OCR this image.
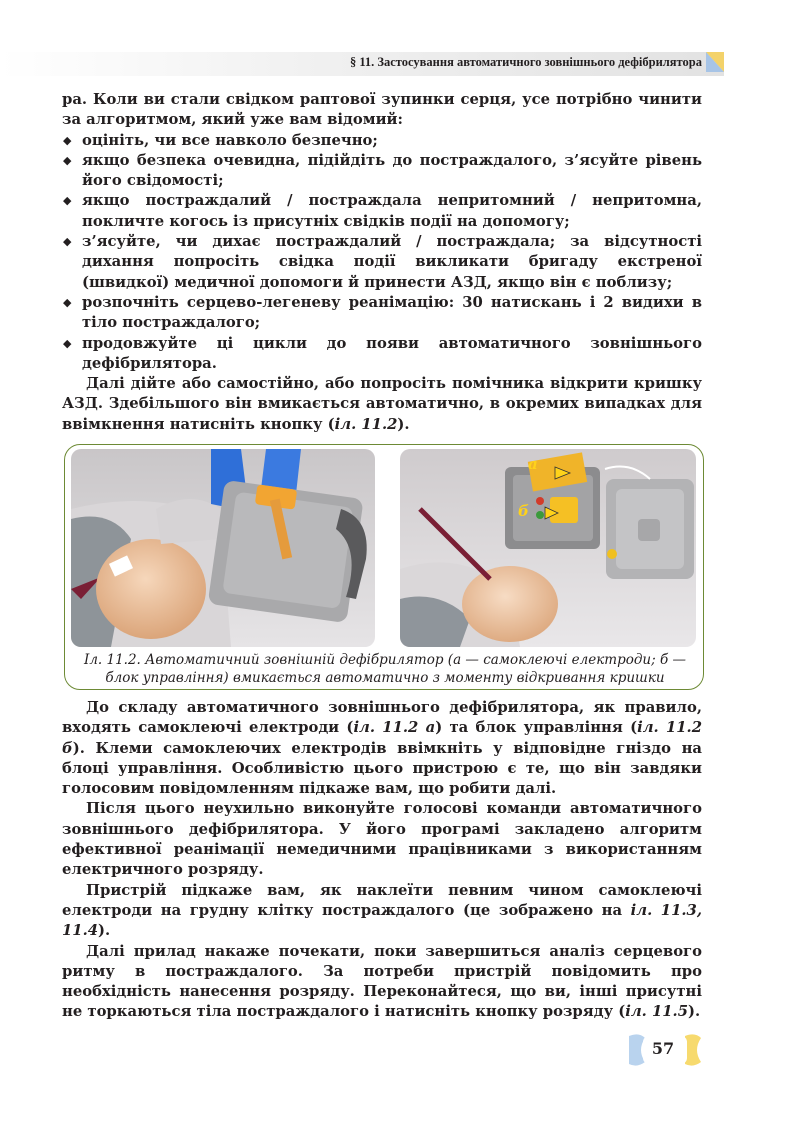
§ 11. Застосування автоматичного зовнішнього дефібрилятора

ра. Коли ви стали свідком раптової зупинки серця, усе потрібно чинити за алгоритмом, який уже вам відомий:

◆ оцініть, чи все навколо безпечно;
◆ якщо безпека очевидна, підійдіть до постраждалого, з’ясуйте рівень його свідомості;
◆ якщо постраждалий / постраждала непритомний / непритомна, покличте когось із присутніх свідків події на допомогу;
◆ з’ясуйте, чи дихає постраждалий / постраждала; за відсутності дихання попросіть свідка події викликати бригаду екстреної (швидкої) медичної допомоги й принести АЗД, якщо він є поблизу;
◆ розпочніть серцево-легеневу реанімацію: 30 натискань і 2 видихи в тіло постраждалого;
◆ продовжуйте ці цикли до появи автоматичного зовнішнього дефібрилятора.

Далі дійте або самостійно, або попросіть помічника відкрити кришку АЗД. Здебільшого він вмикається автоматично, в окремих випадках для ввімкнення натисніть кнопку (іл. 11.2).

а
б
Іл. 11.2. Автоматичний зовнішній дефібрилятор (а — самоклеючі електроди; б — блок управління) вмикається автоматично з моменту відкривання кришки

До складу автоматичного зовнішнього дефібрилятора, як правило, входять самоклеючі електроди (іл. 11.2 а) та блок управління (іл. 11.2 б). Клеми самоклеючих електродів ввімкніть у відповідне гніздо на блоці управління. Особливістю цього пристрою є те, що він завдяки голосовим повідомленням підкаже вам, що робити далі.

Після цього неухильно виконуйте голосові команди автоматичного зовнішнього дефібрилятора. У його програмі закладено алгоритм ефективної реанімації немедичними працівниками з використанням електричного розряду.

Пристрій підкаже вам, як наклеїти певним чином самоклеючі електроди на грудну клітку постраждалого (це зображено на іл. 11.3, 11.4).

Далі прилад накаже почекати, поки завершиться аналіз серцевого ритму в постраждалого. За потреби пристрій повідомить про необхідність нанесення розряду. Переконайтеся, що ви, інші присутні не торкаються тіла постраждалого і натисніть кнопку розряду (іл. 11.5).

57
